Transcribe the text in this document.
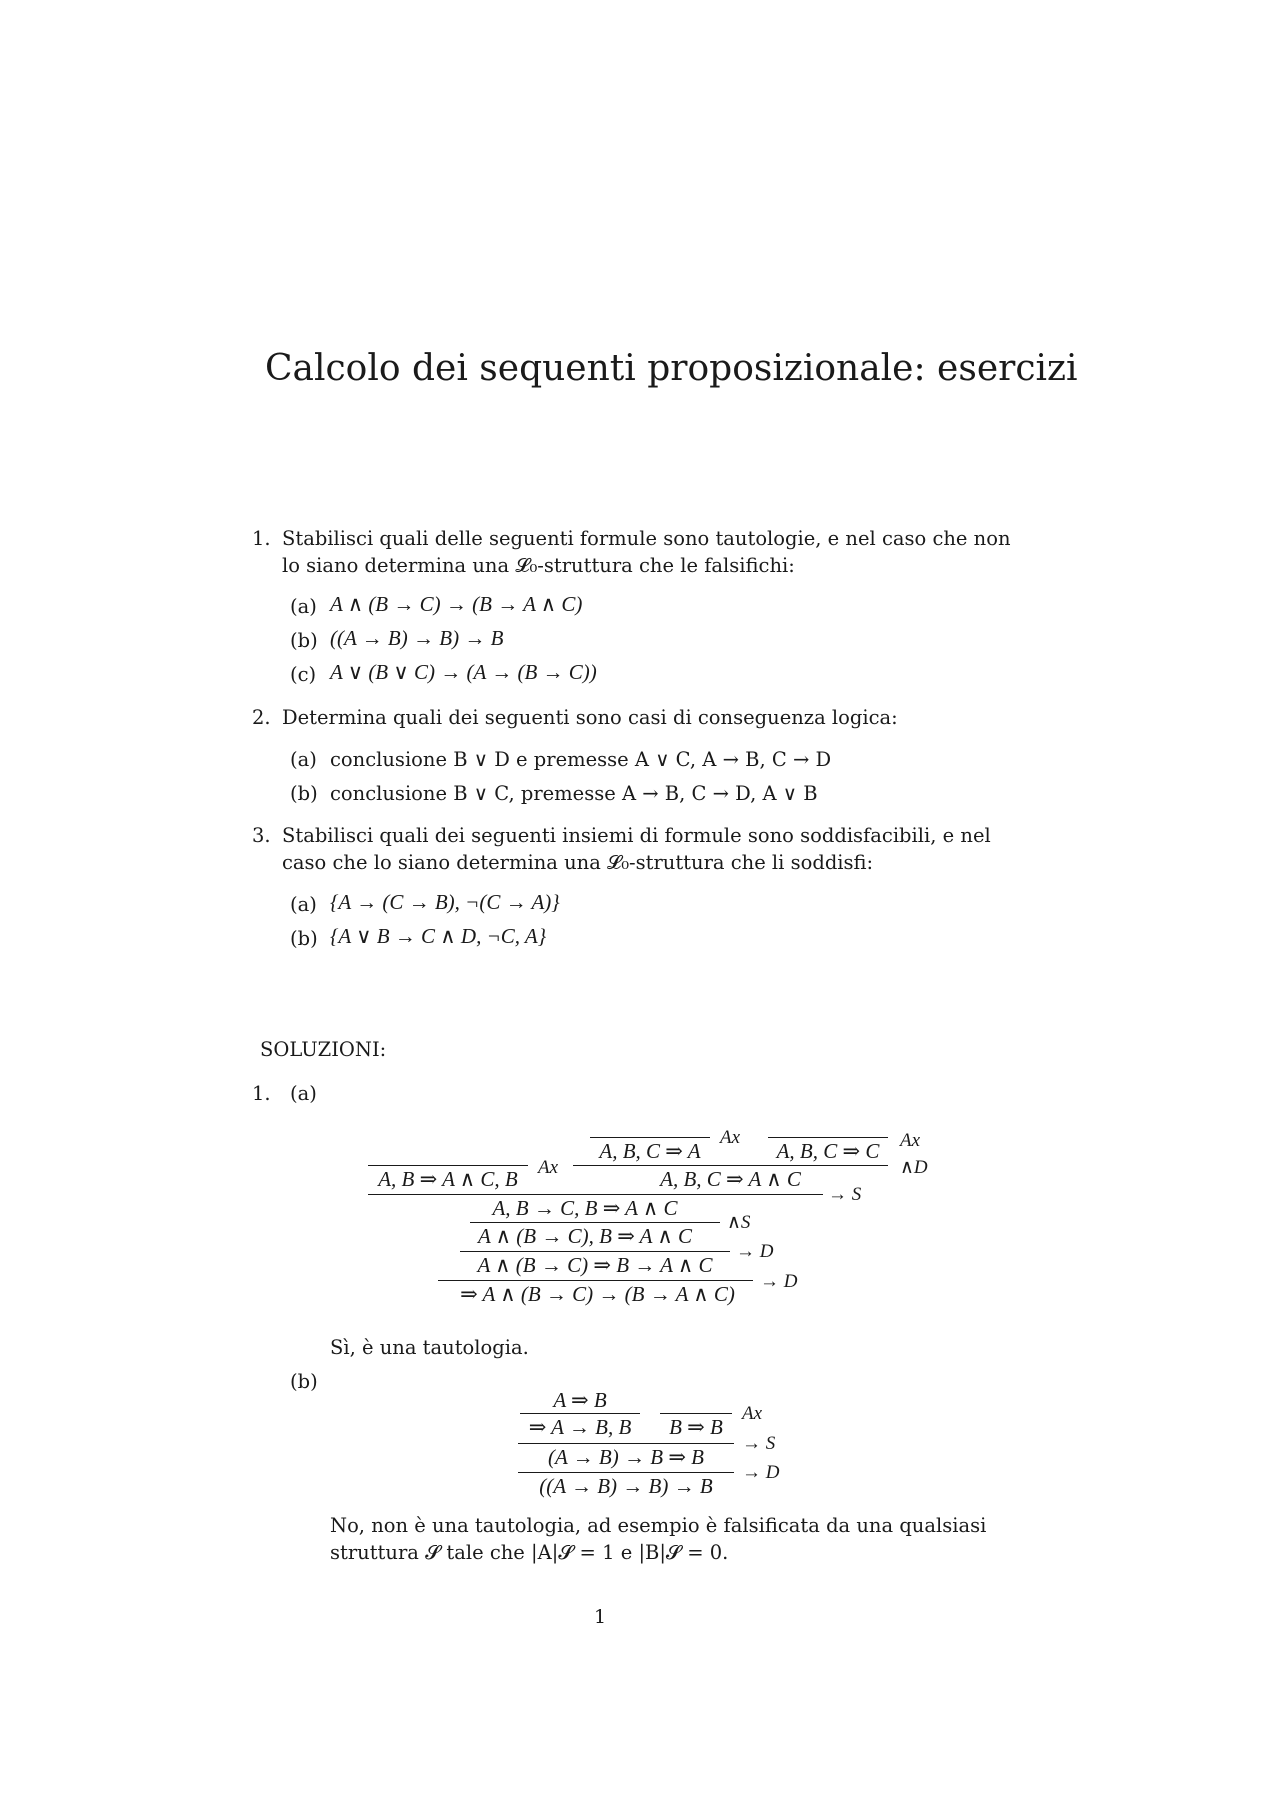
Calcolo dei sequenti proposizionale: esercizi
1. Stabilisci quali delle seguenti formule sono tautologie, e nel caso che non
lo siano determina una 𝓛₀-struttura che le falsifichi:
(a) A ∧ (B → C) → (B → A ∧ C)
(b) ((A → B) → B) → B
(c) A ∨ (B ∨ C) → (A → (B → C))
2. Determina quali dei seguenti sono casi di conseguenza logica:
(a) conclusione B ∨ D e premesse A ∨ C, A → B, C → D
(b) conclusione B ∨ C, premesse A → B, C → D, A ∨ B
3. Stabilisci quali dei seguenti insiemi di formule sono soddisfacibili, e nel
caso che lo siano determina una 𝓛₀-struttura che li soddisfi:
(a) {A → (C → B), ¬(C → A)}
(b) {A ∨ B → C ∧ D, ¬C, A}
SOLUZIONI:
1. (a)
A, B, C ⇒ A	A, B, C ⇒ C
Ax	Ax
∧D
A, B ⇒ A ∧ C, B	Ax	A, B, C ⇒ A ∧ C
→ S
A, B → C, B ⇒ A ∧ C
∧S
A ∧ (B → C), B ⇒ A ∧ C
→ D
A ∧ (B → C) ⇒ B → A ∧ C
→ D
⇒ A ∧ (B → C) → (B → A ∧ C)
Sì, è una tautologia.
(b)
A ⇒ B
Ax
⇒ A → B, B	B ⇒ B
→ S
(A → B) → B ⇒ B
→ D
((A → B) → B) → B
No, non è una tautologia, ad esempio è falsificata da una qualsiasi
struttura 𝓢 tale che |A|𝓢 = 1 e |B|𝓢 = 0.
1
